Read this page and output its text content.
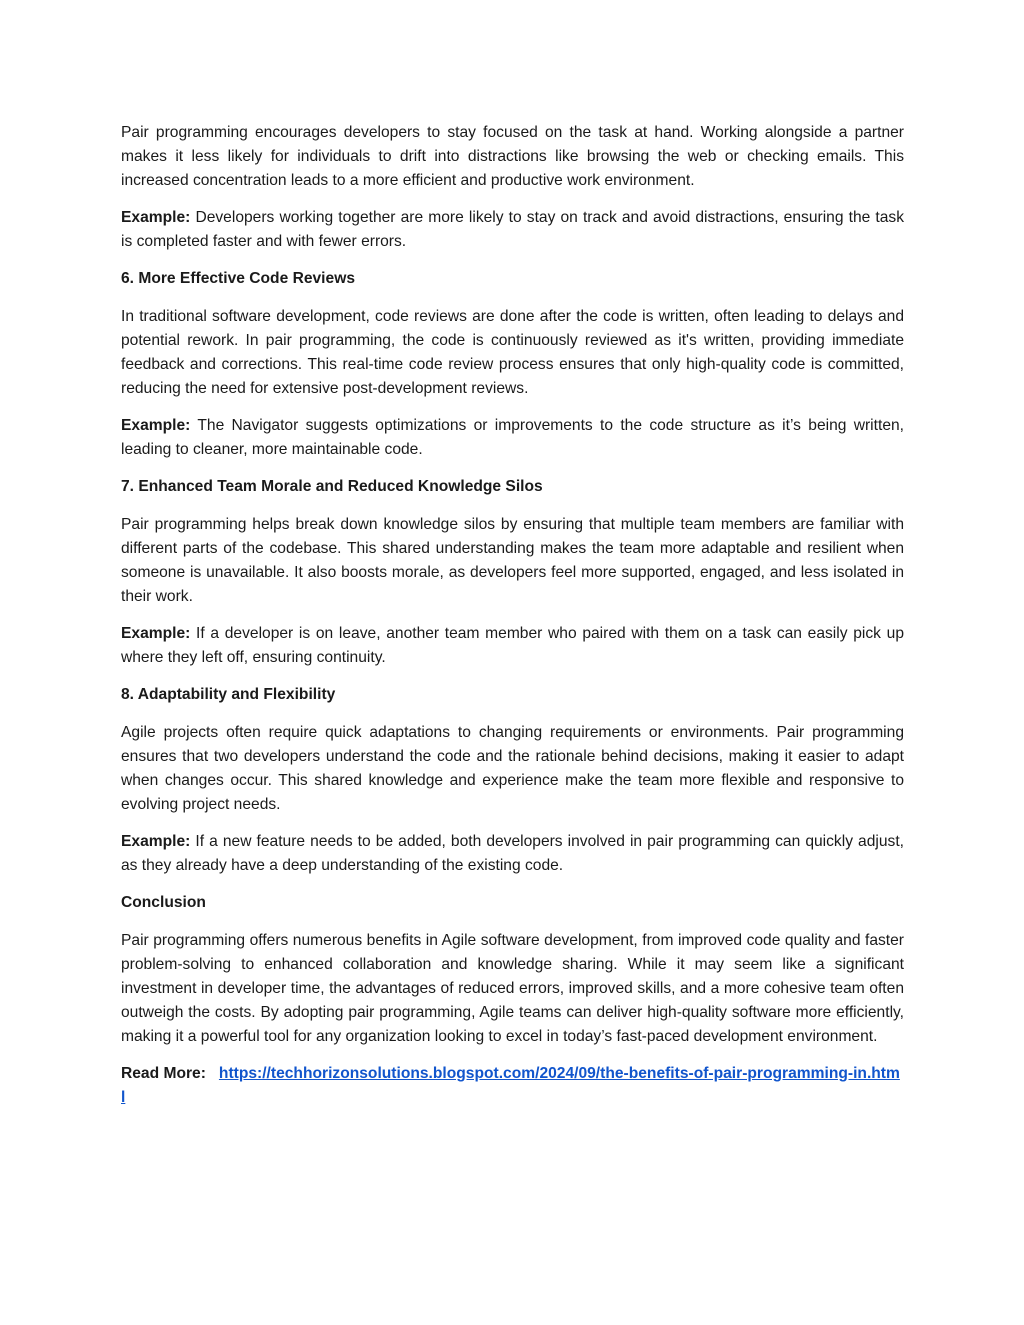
Pair programming encourages developers to stay focused on the task at hand. Working alongside a partner makes it less likely for individuals to drift into distractions like browsing the web or checking emails. This increased concentration leads to a more efficient and productive work environment.

Example: Developers working together are more likely to stay on track and avoid distractions, ensuring the task is completed faster and with fewer errors.

6. More Effective Code Reviews

In traditional software development, code reviews are done after the code is written, often leading to delays and potential rework. In pair programming, the code is continuously reviewed as it's written, providing immediate feedback and corrections. This real-time code review process ensures that only high-quality code is committed, reducing the need for extensive post-development reviews.

Example: The Navigator suggests optimizations or improvements to the code structure as it’s being written, leading to cleaner, more maintainable code.

7. Enhanced Team Morale and Reduced Knowledge Silos

Pair programming helps break down knowledge silos by ensuring that multiple team members are familiar with different parts of the codebase. This shared understanding makes the team more adaptable and resilient when someone is unavailable. It also boosts morale, as developers feel more supported, engaged, and less isolated in their work.

Example: If a developer is on leave, another team member who paired with them on a task can easily pick up where they left off, ensuring continuity.

8. Adaptability and Flexibility

Agile projects often require quick adaptations to changing requirements or environments. Pair programming ensures that two developers understand the code and the rationale behind decisions, making it easier to adapt when changes occur. This shared knowledge and experience make the team more flexible and responsive to evolving project needs.

Example: If a new feature needs to be added, both developers involved in pair programming can quickly adjust, as they already have a deep understanding of the existing code.

Conclusion

Pair programming offers numerous benefits in Agile software development, from improved code quality and faster problem-solving to enhanced collaboration and knowledge sharing. While it may seem like a significant investment in developer time, the advantages of reduced errors, improved skills, and a more cohesive team often outweigh the costs. By adopting pair programming, Agile teams can deliver high-quality software more efficiently, making it a powerful tool for any organization looking to excel in today’s fast-paced development environment.

Read More: https://techhorizonsolutions.blogspot.com/2024/09/the-benefits-of-pair-programming-in.html
